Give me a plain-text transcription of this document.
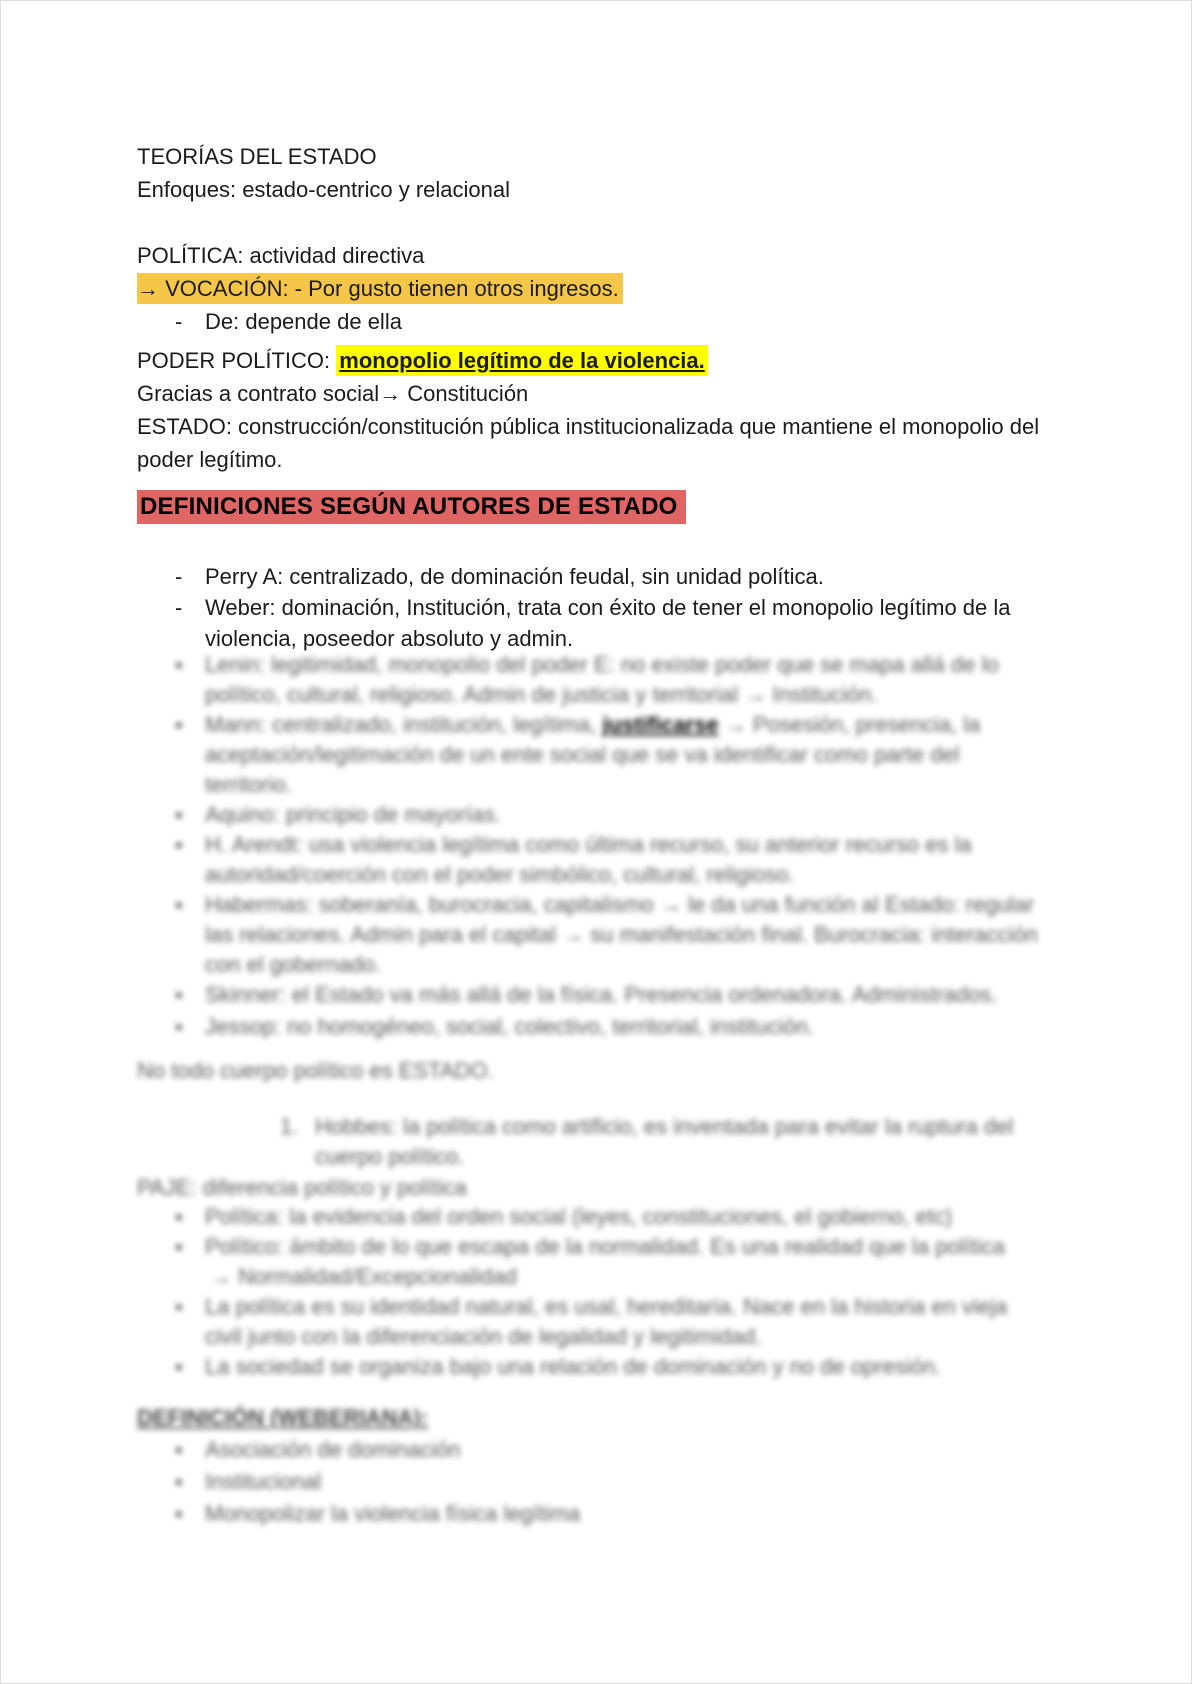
TEORÍAS DEL ESTADO
Enfoques: estado-centrico y relacional
POLÍTICA: actividad directiva
→ VOCACIÓN: - Por gusto tienen otros ingresos.
-	De: depende de ella
PODER POLÍTICO: monopolio legítimo de la violencia.
Gracias a contrato social→ Constitución
ESTADO: construcción/constitución pública institucionalizada que mantiene el monopolio del poder legítimo.
DEFINICIONES SEGÚN AUTORES DE ESTADO
-	Perry A: centralizado, de dominación feudal, sin unidad política.
-	Weber: dominación, Institución, trata con éxito de tener el monopolio legítimo de la violencia, poseedor absoluto y admin.
▪	Lenin: legitimidad, monopolio del poder E: no existe poder que se mapa allá de lo
político, cultural, religioso. Admin de justicia y territorial → Institución.
▪	Mann: centralizado, institución, legítima, justificarse → Posesión, presencia, la
aceptación/legitimación de un ente social que se va identificar como parte del
territorio.
▪	Aquino: principio de mayorías.
▪	H. Arendt: usa violencia legítima como última recurso, su anterior recurso es la
autoridad/coerción con el poder simbólico, cultural, religioso.
▪	Habermas: soberanía, burocracia, capitalismo → le da una función al Estado: regular
las relaciones. Admin para el capital → su manifestación final. Burocracia: interacción
con el gobernado.
▪	Skinner: el Estado va más allá de la física. Presencia ordenadora. Administrados.
▪	Jessop: no homogéneo, social, colectivo, territorial, institución.
No todo cuerpo político es ESTADO.
1. Hobbes: la política como artificio, es inventada para evitar la ruptura del
cuerpo político.
PAJE: diferencia político y política
▪	Política: la evidencia del orden social (leyes, constituciones, el gobierno, etc)
▪	Político: ámbito de lo que escapa de la normalidad. Es una realidad que la política
→ Normalidad/Excepcionalidad
▪	La política es su identidad natural, es usal, hereditaria. Nace en la historia en vieja
civil junto con la diferenciación de legalidad y legitimidad.
▪	La sociedad se organiza bajo una relación de dominación y no de opresión.
DEFINICIÓN (WEBERIANA):
▪	Asociación de dominación
▪	Institucional
▪	Monopolizar la violencia física legítima
